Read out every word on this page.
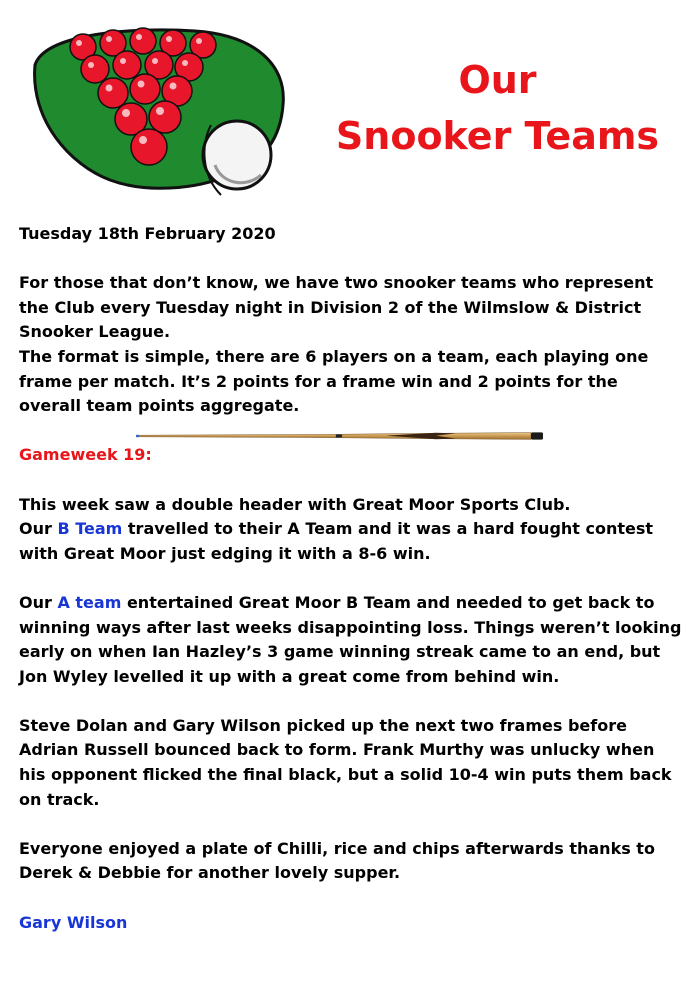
Our
Snooker Teams

Tuesday 18th February 2020

For those that don’t know, we have two snooker teams who represent the Club every Tuesday night in Division 2 of the Wilmslow & District Snooker League.

The format is simple, there are 6 players on a team, each playing one frame per match. It’s 2 points for a frame win and 2 points for the overall team points aggregate.

Gameweek 19:

This week saw a double header with Great Moor Sports Club.

Our B Team travelled to their A Team and it was a hard fought contest with Great Moor just edging it with a 8-6 win.

Our A team entertained Great Moor B Team and needed to get back to winning ways after last weeks disappointing loss. Things weren’t looking early on when Ian Hazley’s 3 game winning streak came to an end, but Jon Wyley levelled it up with a great come from behind win.

Steve Dolan and Gary Wilson picked up the next two frames before Adrian Russell bounced back to form. Frank Murthy was unlucky when his opponent flicked the final black, but a solid 10-4 win puts them back on track.

Everyone enjoyed a plate of Chilli, rice and chips afterwards thanks to Derek & Debbie for another lovely supper.

Gary Wilson
